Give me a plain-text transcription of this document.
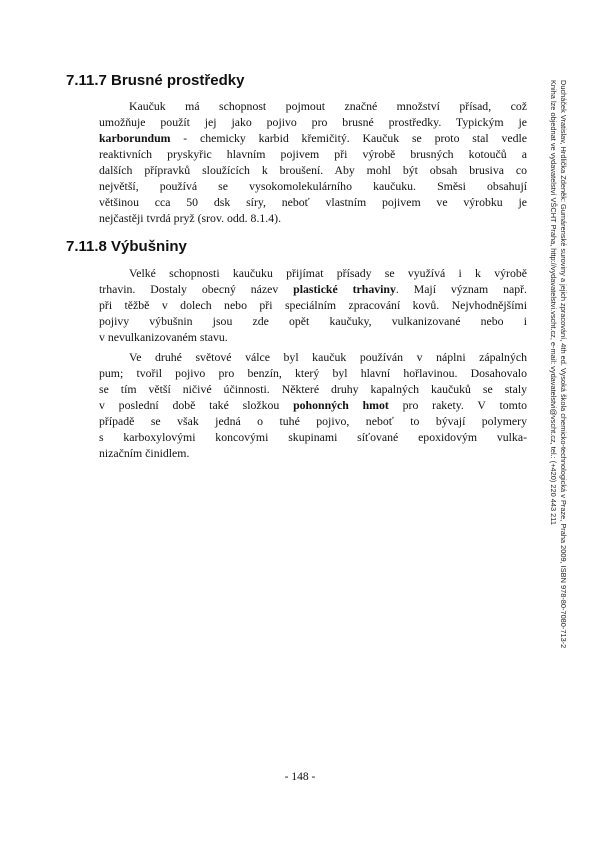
7.11.7 Brusné prostředky
Kaučuk má schopnost pojmout značné množství přísad, což
umožňuje použít jej jako pojivo pro brusné prostředky. Typickým je
karborundum - chemicky karbid křemičitý. Kaučuk se proto stal vedle
reaktivních pryskyřic hlavním pojivem při výrobě brusných kotoučů a
dalších přípravků sloužících k broušení. Aby mohl být obsah brusiva co
největší, používá se vysokomolekulárního kaučuku. Směsi obsahují
většinou cca 50 dsk síry, neboť vlastním pojivem ve výrobku je
nejčastěji tvrdá pryž (srov. odd. 8.1.4).
7.11.8 Výbušniny
Velké schopnosti kaučuku přijímat přísady se využívá i k výrobě
trhavin. Dostaly obecný název plastické trhaviny. Mají význam např.
při těžbě v dolech nebo při speciálním zpracování kovů. Nejvhodnějšími
pojivy výbušnin jsou zde opět kaučuky, vulkanizované nebo i
v nevulkanizovaném stavu.
Ve druhé světové válce byl kaučuk používán v náplni zápalných
pum; tvořil pojivo pro benzín, který byl hlavní hořlavinou. Dosahovalo
se tím větší ničivé účinnosti. Některé druhy kapalných kaučuků se staly
v poslední době také složkou pohonných hmot pro rakety. V tomto
případě se však jedná o tuhé pojivo, neboť to bývají polymery
s karboxylovými koncovými skupinami síťované epoxidovým vulka-
nizačním činidlem.	Ducháček Vratislav, Hrdlička Zdeněk: Gumárenské suroviny a jejich zpracování, 4th ed. Vysoká škola chemicko-technologická v Praze, Praha 2009, ISBN 978-80-7080-713-2
Kniha lze objednat ve vydavatelství VŠCHT Praha, http://vydavatelstvi.vscht.cz, e-mail: vydavatelstvi@vscht.cz, tel.: (+420) 220 443 211
- 148 -
